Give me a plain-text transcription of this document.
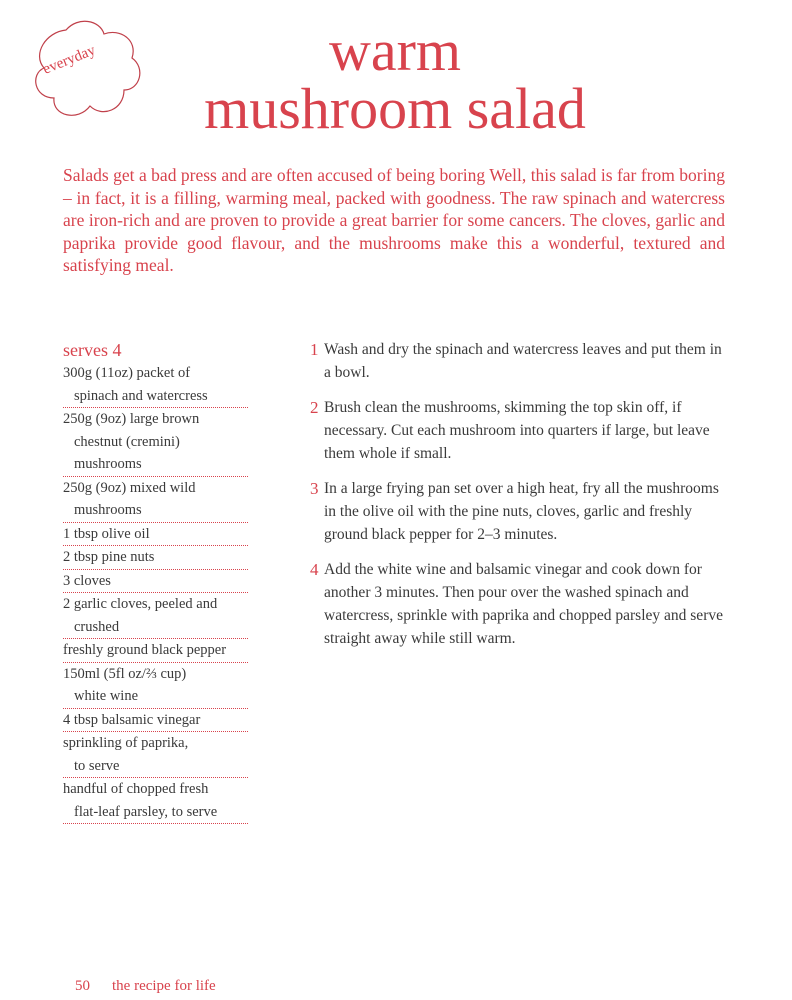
everyday	warm
mushroom salad
Salads get a bad press and are often accused of being boring Well, this salad is far from boring – in fact, it is a filling, warming meal, packed with goodness. The raw spinach and watercress are iron-rich and are proven to provide a great barrier for some cancers. The cloves, garlic and paprika provide good flavour, and the mushrooms make this a wonderful, textured and satisfying meal.
serves 4
300g (11oz) packet of
spinach and watercress
250g (9oz) large brown
chestnut (cremini)
mushrooms
250g (9oz) mixed wild
mushrooms
1 tbsp olive oil
2 tbsp pine nuts
3 cloves
2 garlic cloves, peeled and
crushed
freshly ground black pepper
150ml (5fl oz/⅔ cup)
white wine
4 tbsp balsamic vinegar
sprinkling of paprika,
to serve
handful of chopped fresh
flat-leaf parsley, to serve
1 Wash and dry the spinach and watercress leaves and put them in a bowl.
2 Brush clean the mushrooms, skimming the top skin off, if necessary. Cut each mushroom into quarters if large, but leave them whole if small.
3 In a large frying pan set over a high heat, fry all the mushrooms in the olive oil with the pine nuts, cloves, garlic and freshly ground black pepper for 2–3 minutes.
4 Add the white wine and balsamic vinegar and cook down for another 3 minutes. Then pour over the washed spinach and watercress, sprinkle with paprika and chopped parsley and serve straight away while still warm.
50 the recipe for life
